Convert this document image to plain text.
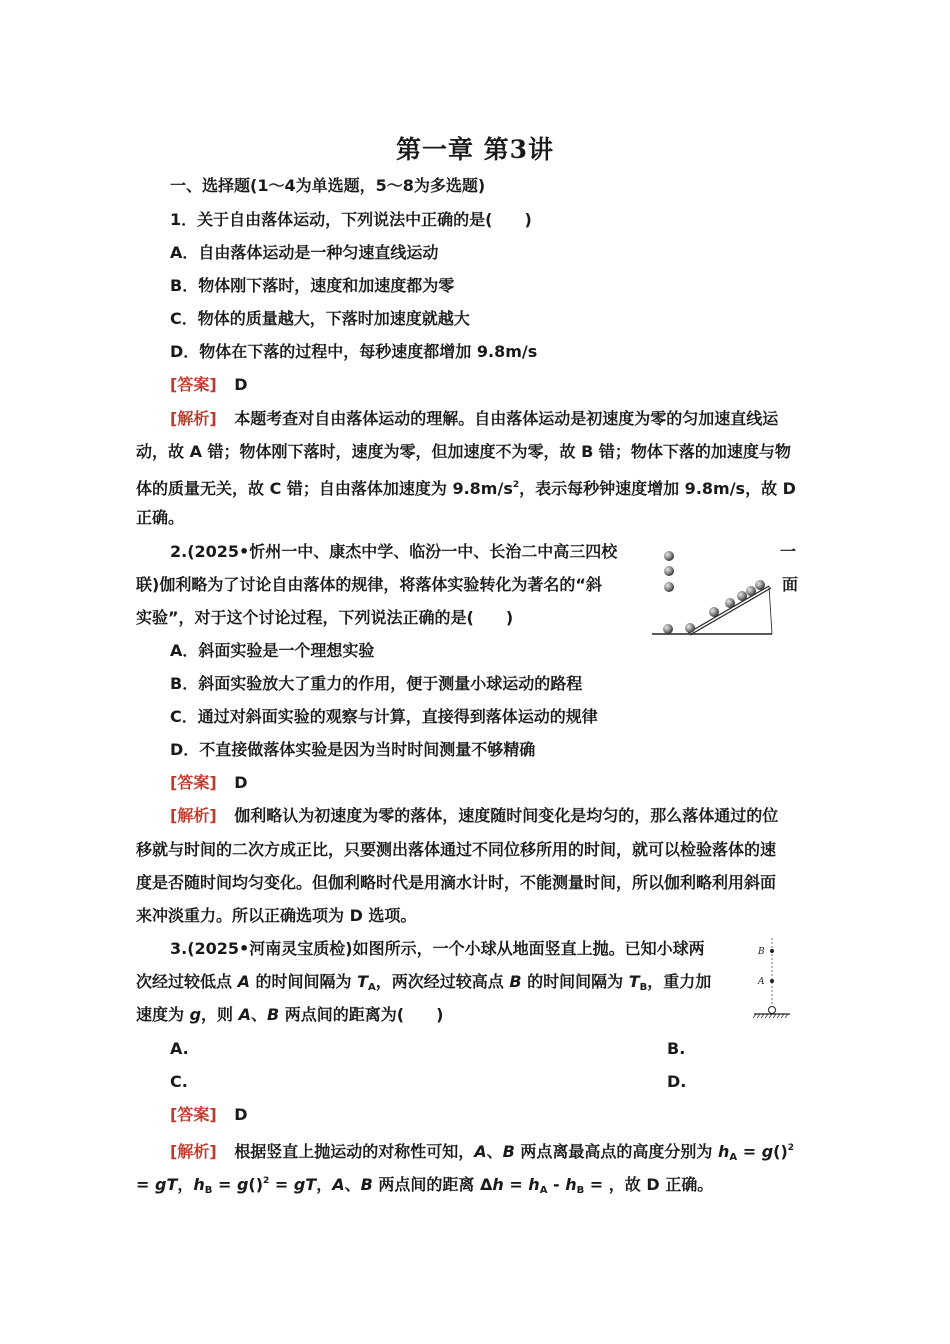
第一章 第3讲
一、选择题(1～4为单选题，5～8为多选题)
1．关于自由落体运动，下列说法中正确的是(　　)
A．自由落体运动是一种匀速直线运动
B．物体刚下落时，速度和加速度都为零
C．物体的质量越大，下落时加速度就越大
D．物体在下落的过程中，每秒速度都增加 9.8m/s
[答案] D
[解析] 本题考查对自由落体运动的理解。自由落体运动是初速度为零的匀加速直线运
动，故 A 错；物体刚下落时，速度为零，但加速度不为零，故 B 错；物体下落的加速度与物
体的质量无关，故 C 错；自由落体加速度为 $9.8m/s^2$，表示每秒钟速度增加 9.8m/s，故 D
正确。
2.(2025•忻州一中、康杰中学、临汾一中、长治二中高三四校
联)伽利略为了讨论自由落体的规律，将落体实验转化为著名的“斜
实验”，对于这个讨论过程，下列说法正确的是(　　)
一
面
A．斜面实验是一个理想实验
B．斜面实验放大了重力的作用，便于测量小球运动的路程
C．通过对斜面实验的观察与计算，直接得到落体运动的规律
D．不直接做落体实验是因为当时时间测量不够精确
[答案] D
[解析] 伽利略认为初速度为零的落体，速度随时间变化是均匀的，那么落体通过的位
移就与时间的二次方成正比，只要测出落体通过不同位移所用的时间，就可以检验落体的速
度是否随时间均匀变化。但伽利略时代是用滴水计时，不能测量时间，所以伽利略利用斜面
来冲淡重力。所以正确选项为 D 选项。
3.(2025•河南灵宝质检)如图所示，一个小球从地面竖直上抛。已知小球两
次经过较低点 A 的时间间隔为 $T_A$，两次经过较高点 B 的时间间隔为 $T_B$，重力加
速度为 g，则 A、B 两点间的距离为(　　)
B
A
A.	B.
C.	D.
[答案] D
[解析] 根据竖直上抛运动的对称性可知，A、B 两点离最高点的高度分别为 $h_A = g()^2$
= gT，$h_B = g()^2$ = gT，A、B 两点间的距离 $\Delta h = h_A - h_B$ = ，故 D 正确。
